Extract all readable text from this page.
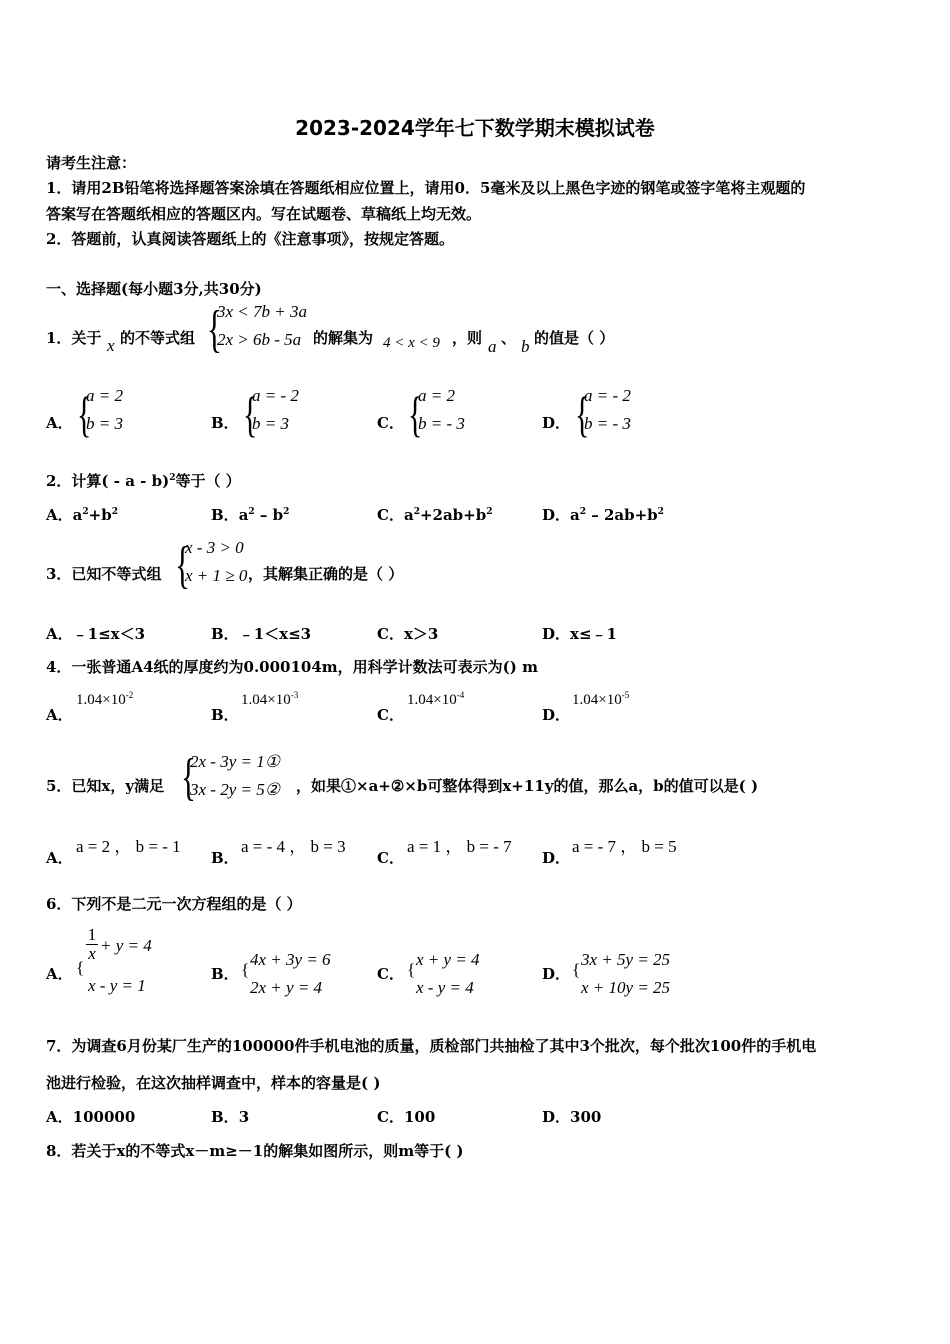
2023-2024学年七下数学期末模拟试卷
请考生注意：
1．请用2B铅笔将选择题答案涂填在答题纸相应位置上，请用0．5毫米及以上黑色字迹的钢笔或签字笔将主观题的
答案写在答题纸相应的答题区内。写在试题卷、草稿纸上均无效。
2．答题前，认真阅读答题纸上的《注意事项》，按规定答题。
一、选择题(每小题3分,共30分)
1．关于 x 的不等式组 {
3x < 7b + 3a
2x > 6b - 5a 的解集为 4 < x < 9 ，则 a 、 b 的值是（ ）
A． {
a = 2
b = 3	B． {
a = - 2
b = 3	C． {
a = 2
b = - 3	D． {
a = - 2
b = - 3
2．计算( - a - b)$^2$等于（ ）
A．$a^2+b^2$	B．$a^2 - b^2$	C．$a^2+2ab+b^2$	D．$a^2 - 2ab+b^2$
3．已知不等式组 {
x - 3 > 0
x + 1 ≥ 0 ，其解集正确的是（ ）
A．﹣1≤x＜3	B．﹣1＜x≤3	C．x＞3	D．x≤﹣1
4．一张普通A4纸的厚度约为0.000104m，用科学计数法可表示为() m
A．
$1.04\times 10^{-2}$
B．
$1.04\times 10^{-3}$
C．
$1.04\times 10^{-4}$
D．
$1.04\times 10^{-5}$
5．已知x，y满足 {
2x - 3y = 1①
3x - 2y = 5② ，如果①×a+②×b可整体得到x+11y的值，那么a，b的值可以是( )
A．
a = 2 ， b = - 1
B．
a = - 4 ， b = 3
C．
a = 1 ， b = - 7
D．
a = - 7 ， b = 5
6．下列不是二元一次方程组的是（ ）
A． {
$\frac{1}{x} + y = 4$
x - y = 1
B． {
4x + 3y = 6
2x + y = 4
C． {
x + y = 4
x - y = 4
D． {
3x + 5y = 25
x + 10y = 25
7．为调查6月份某厂生产的100000件手机电池的质量，质检部门共抽检了其中3个批次，每个批次100件的手机电
池进行检验，在这次抽样调查中，样本的容量是( )
A．100000	B．3	C．100	D．300
8．若关于x的不等式x－m≥－1的解集如图所示，则m等于( )
